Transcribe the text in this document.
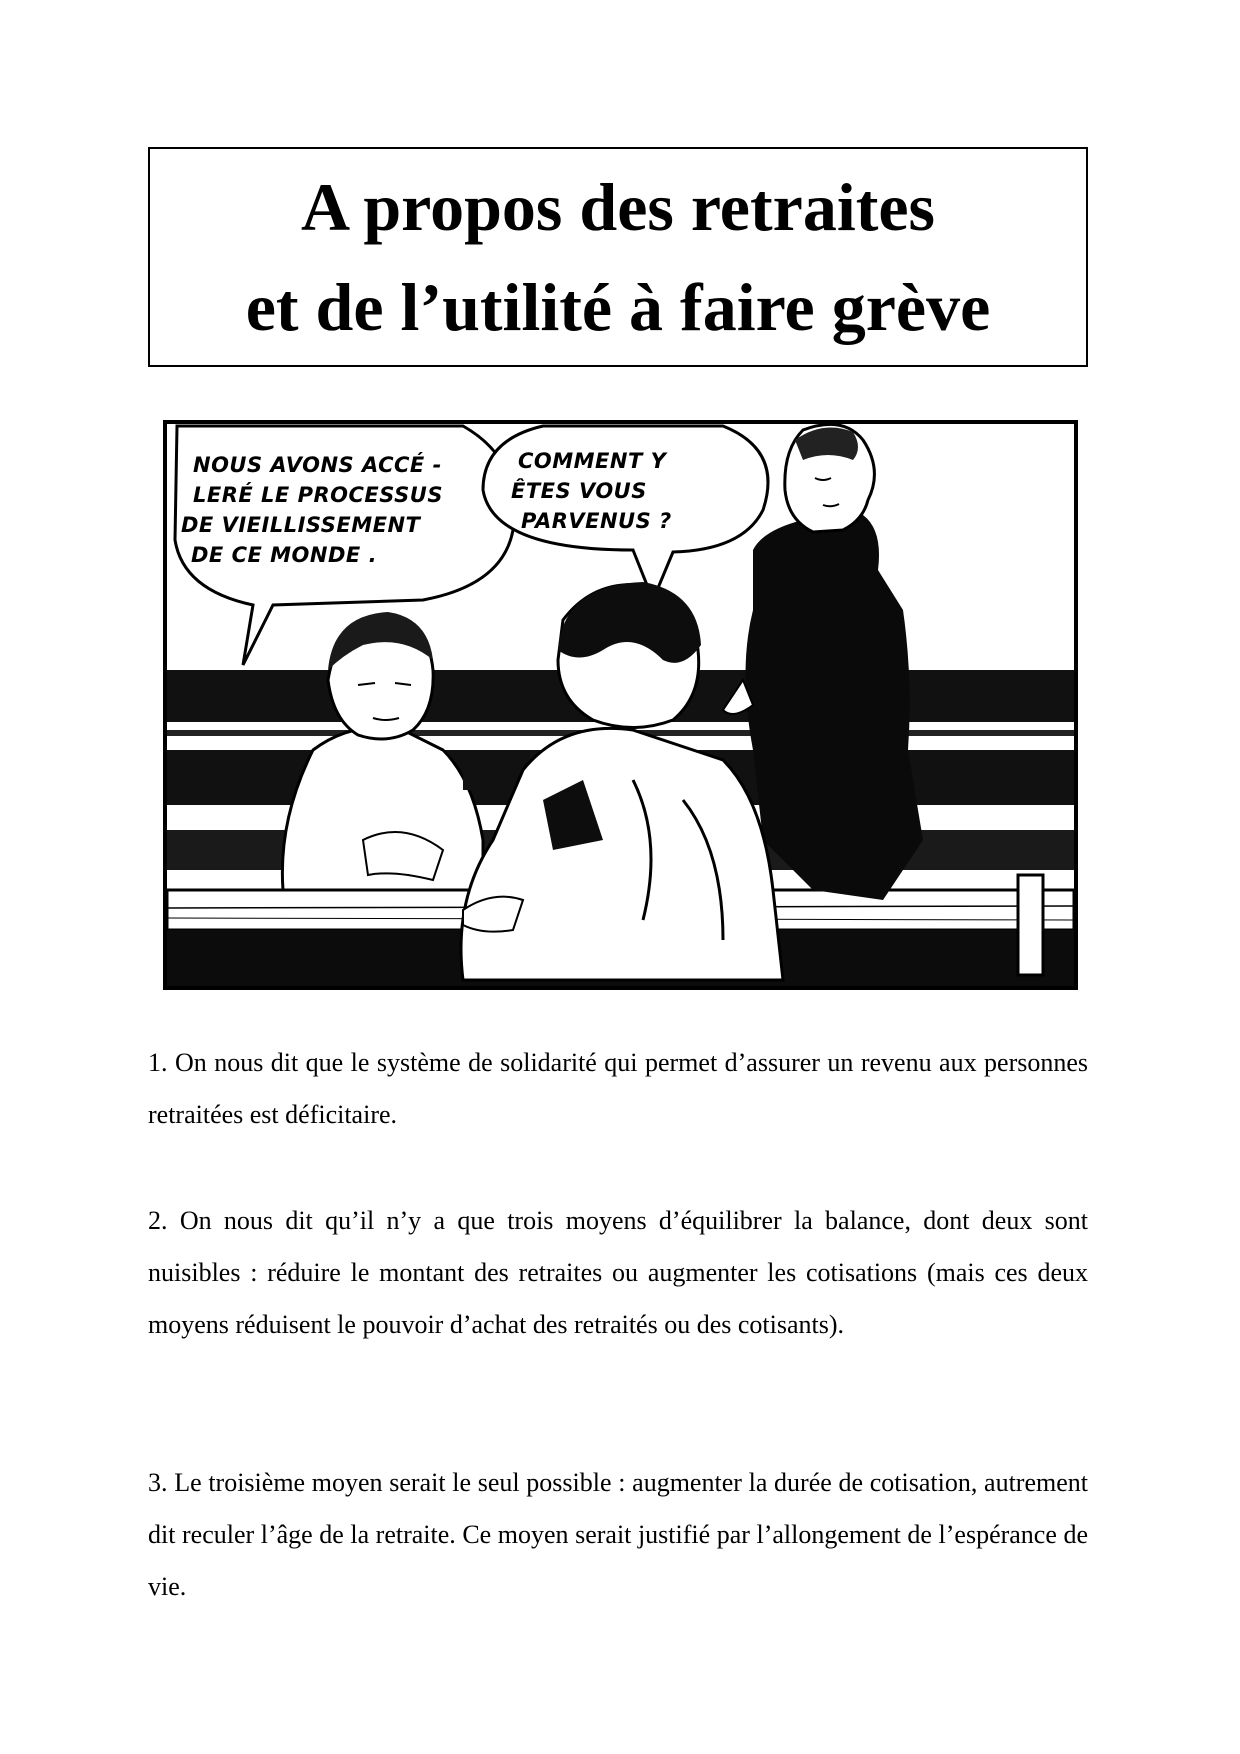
A propos des retraites
et de l’utilité à faire grève
NOUS AVONS ACCÉ -
LERÉ LE PROCESSUS
DE VIEILLISSEMENT
DE CE MONDE .
COMMENT Y
ÊTES VOUS
PARVENUS ?

1. On nous dit que le système de solidarité qui permet d’assurer un revenu aux personnes retraitées est déficitaire.

2. On nous dit qu’il n’y a que trois moyens d’équilibrer la balance, dont deux sont nuisibles : réduire le montant des retraites ou augmenter les cotisations (mais ces deux moyens réduisent le pouvoir d’achat des retraités ou des cotisants).

3. Le troisième moyen serait le seul possible : augmenter la durée de cotisation, autrement dit reculer l’âge de la retraite. Ce moyen serait justifié par l’allongement de l’espérance de vie.
